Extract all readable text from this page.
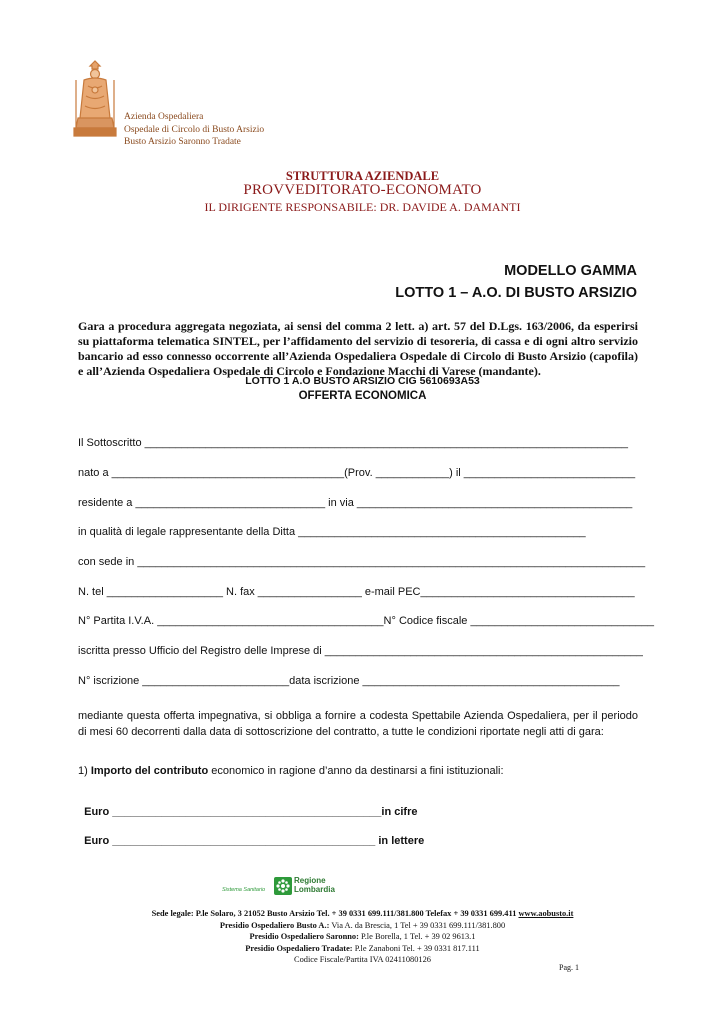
Azienda Ospedaliera
Ospedale di Circolo di Busto Arsizio
Busto Arsizio Saronno Tradate
STRUTTURA AZIENDALE
PROVVEDITORATO-ECONOMATO
IL DIRIGENTE RESPONSABILE: DR. DAVIDE A. DAMANTI
MODELLO GAMMA
LOTTO 1 – A.O. DI BUSTO ARSIZIO
Gara a procedura aggregata negoziata, ai sensi del comma 2 lett. a) art. 57 del D.Lgs. 163/2006, da esperirsi su piattaforma telematica SINTEL, per l’affidamento del servizio di tesoreria, di cassa e di ogni altro servizio bancario ad esso connesso occorrente all’Azienda Ospedaliera Ospedale di Circolo di Busto Arsizio (capofila) e all’Azienda Ospedaliera Ospedale di Circolo e Fondazione Macchi di Varese (mandante).
LOTTO 1 A.O BUSTO ARSIZIO CIG 5610693A53
OFFERTA ECONOMICA
Il Sottoscritto _______________________________________________________________________________
nato a ______________________________________(Prov. ____________) il ____________________________
residente a _______________________________ in via _____________________________________________
in qualità di legale rappresentante della Ditta _______________________________________________
con sede in ___________________________________________________________________________________
N. tel ___________________ N. fax _________________ e-mail PEC___________________________________
N° Partita I.V.A. _____________________________________N° Codice fiscale ______________________________
iscritta presso Ufficio del Registro delle Imprese di ____________________________________________________
N° iscrizione ________________________data iscrizione __________________________________________
mediante questa offerta impegnativa, si obbliga a fornire a codesta Spettabile Azienda Ospedaliera, per il periodo di mesi 60 decorrenti dalla data di sottoscrizione del contratto, a tutte le condizioni riportate negli atti di gara:
1) Importo del contributo economico in ragione d’anno da destinarsi a fini istituzionali:

Euro ____________________________________________in cifre

Euro ___________________________________________ in lettere

Sistema Sanitario
Regione
Lombardia
Sede legale: P.le Solaro, 3 21052 Busto Arsizio Tel. + 39 0331 699.111/381.800 Telefax + 39 0331 699.411 www.aobusto.it
Presidio Ospedaliero Busto A.: Via A. da Brescia, 1 Tel + 39 0331 699.111/381.800
Presidio Ospedaliero Saronno: P.le Borella, 1 Tel. + 39 02 9613.1
Presidio Ospedaliero Tradate: P.le Zanaboni Tel. + 39 0331 817.111
Codice Fiscale/Partita IVA 02411080126
Pag. 1
